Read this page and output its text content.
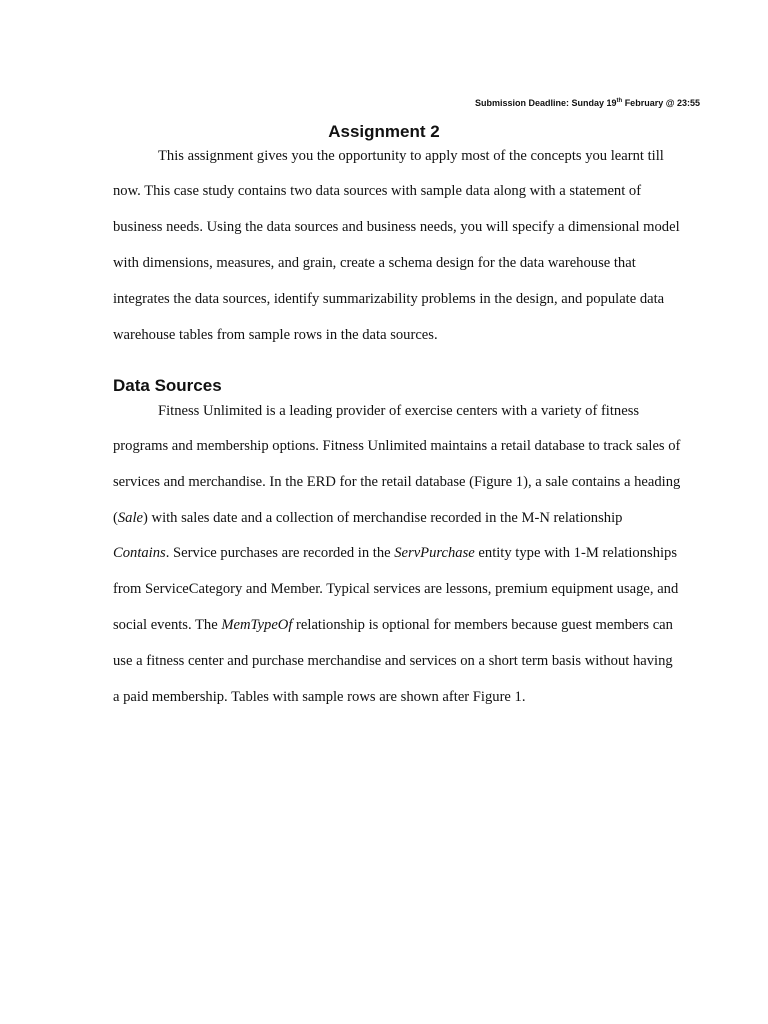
Submission Deadline: Sunday 19th February @ 23:55
Assignment 2

This assignment gives you the opportunity to apply most of the concepts you learnt till

now. This case study contains two data sources with sample data along with a statement of

business needs. Using the data sources and business needs, you will specify a dimensional model

with dimensions, measures, and grain, create a schema design for the data warehouse that

integrates the data sources, identify summarizability problems in the design, and populate data

warehouse tables from sample rows in the data sources.

Data Sources

Fitness Unlimited is a leading provider of exercise centers with a variety of fitness

programs and membership options. Fitness Unlimited maintains a retail database to track sales of

services and merchandise. In the ERD for the retail database (Figure 1), a sale contains a heading

(Sale) with sales date and a collection of merchandise recorded in the M-N relationship

Contains. Service purchases are recorded in the ServPurchase entity type with 1-M relationships

from ServiceCategory and Member. Typical services are lessons, premium equipment usage, and

social events. The MemTypeOf relationship is optional for members because guest members can

use a fitness center and purchase merchandise and services on a short term basis without having

a paid membership. Tables with sample rows are shown after Figure 1.
